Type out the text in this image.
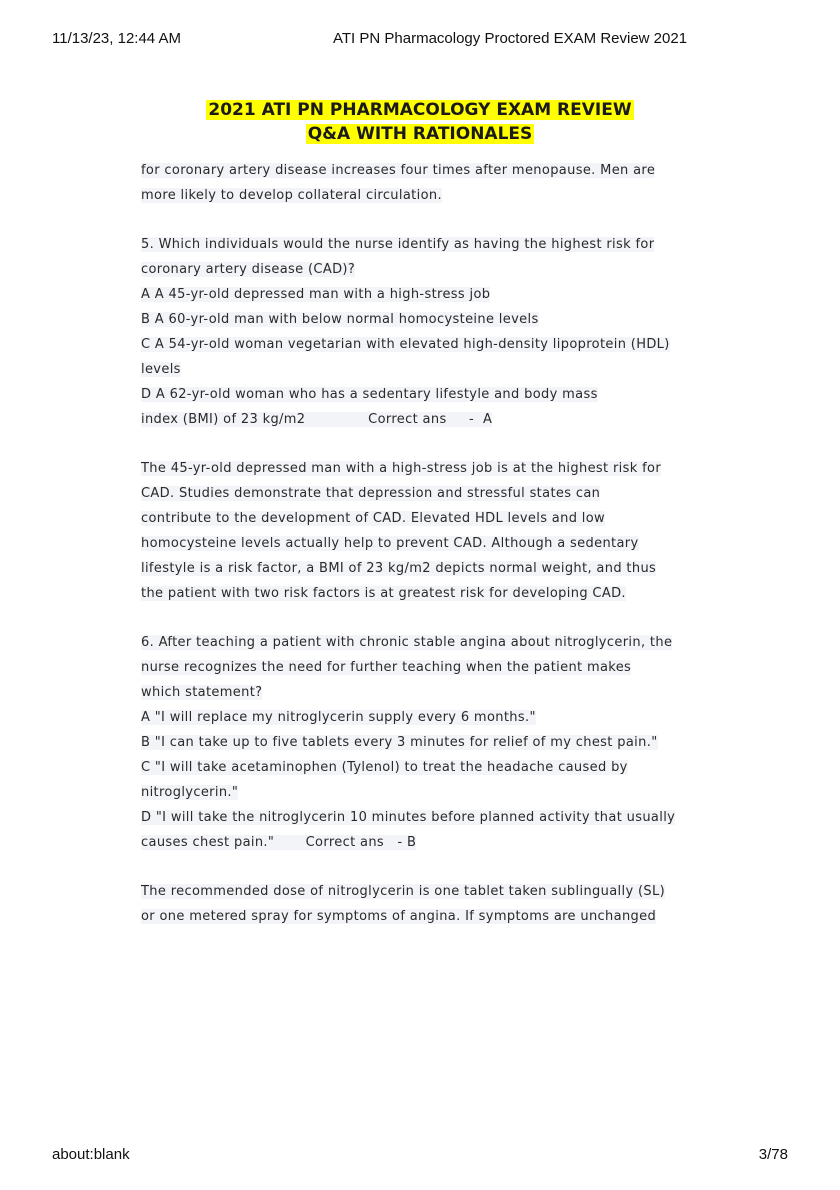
11/13/23, 12:44 AM	ATI PN Pharmacology Proctored EXAM Review 2021
2021 ATI PN PHARMACOLOGY EXAM REVIEW
Q&A WITH RATIONALES

for coronary artery disease increases four times after menopause. Men are
more likely to develop collateral circulation.

5. Which individuals would the nurse identify as having the highest risk for
coronary artery disease (CAD)?
A A 45-yr-old depressed man with a high-stress job
B A 60-yr-old man with below normal homocysteine levels
C A 54-yr-old woman vegetarian with elevated high-density lipoprotein (HDL)
levels
D A 62-yr-old woman who has a sedentary lifestyle and body mass
index (BMI) of 23 kg/m2              Correct ans     -  A

The 45-yr-old depressed man with a high-stress job is at the highest risk for
CAD. Studies demonstrate that depression and stressful states can
contribute to the development of CAD. Elevated HDL levels and low
homocysteine levels actually help to prevent CAD. Although a sedentary
lifestyle is a risk factor, a BMI of 23 kg/m2 depicts normal weight, and thus
the patient with two risk factors is at greatest risk for developing CAD.

6. After teaching a patient with chronic stable angina about nitroglycerin, the
nurse recognizes the need for further teaching when the patient makes
which statement?
A "I will replace my nitroglycerin supply every 6 months."
B "I can take up to five tablets every 3 minutes for relief of my chest pain."
C "I will take acetaminophen (Tylenol) to treat the headache caused by
nitroglycerin."
D "I will take the nitroglycerin 10 minutes before planned activity that usually
causes chest pain."       Correct ans   - B

The recommended dose of nitroglycerin is one tablet taken sublingually (SL)
or one metered spray for symptoms of angina. If symptoms are unchanged

about:blank	3/78
